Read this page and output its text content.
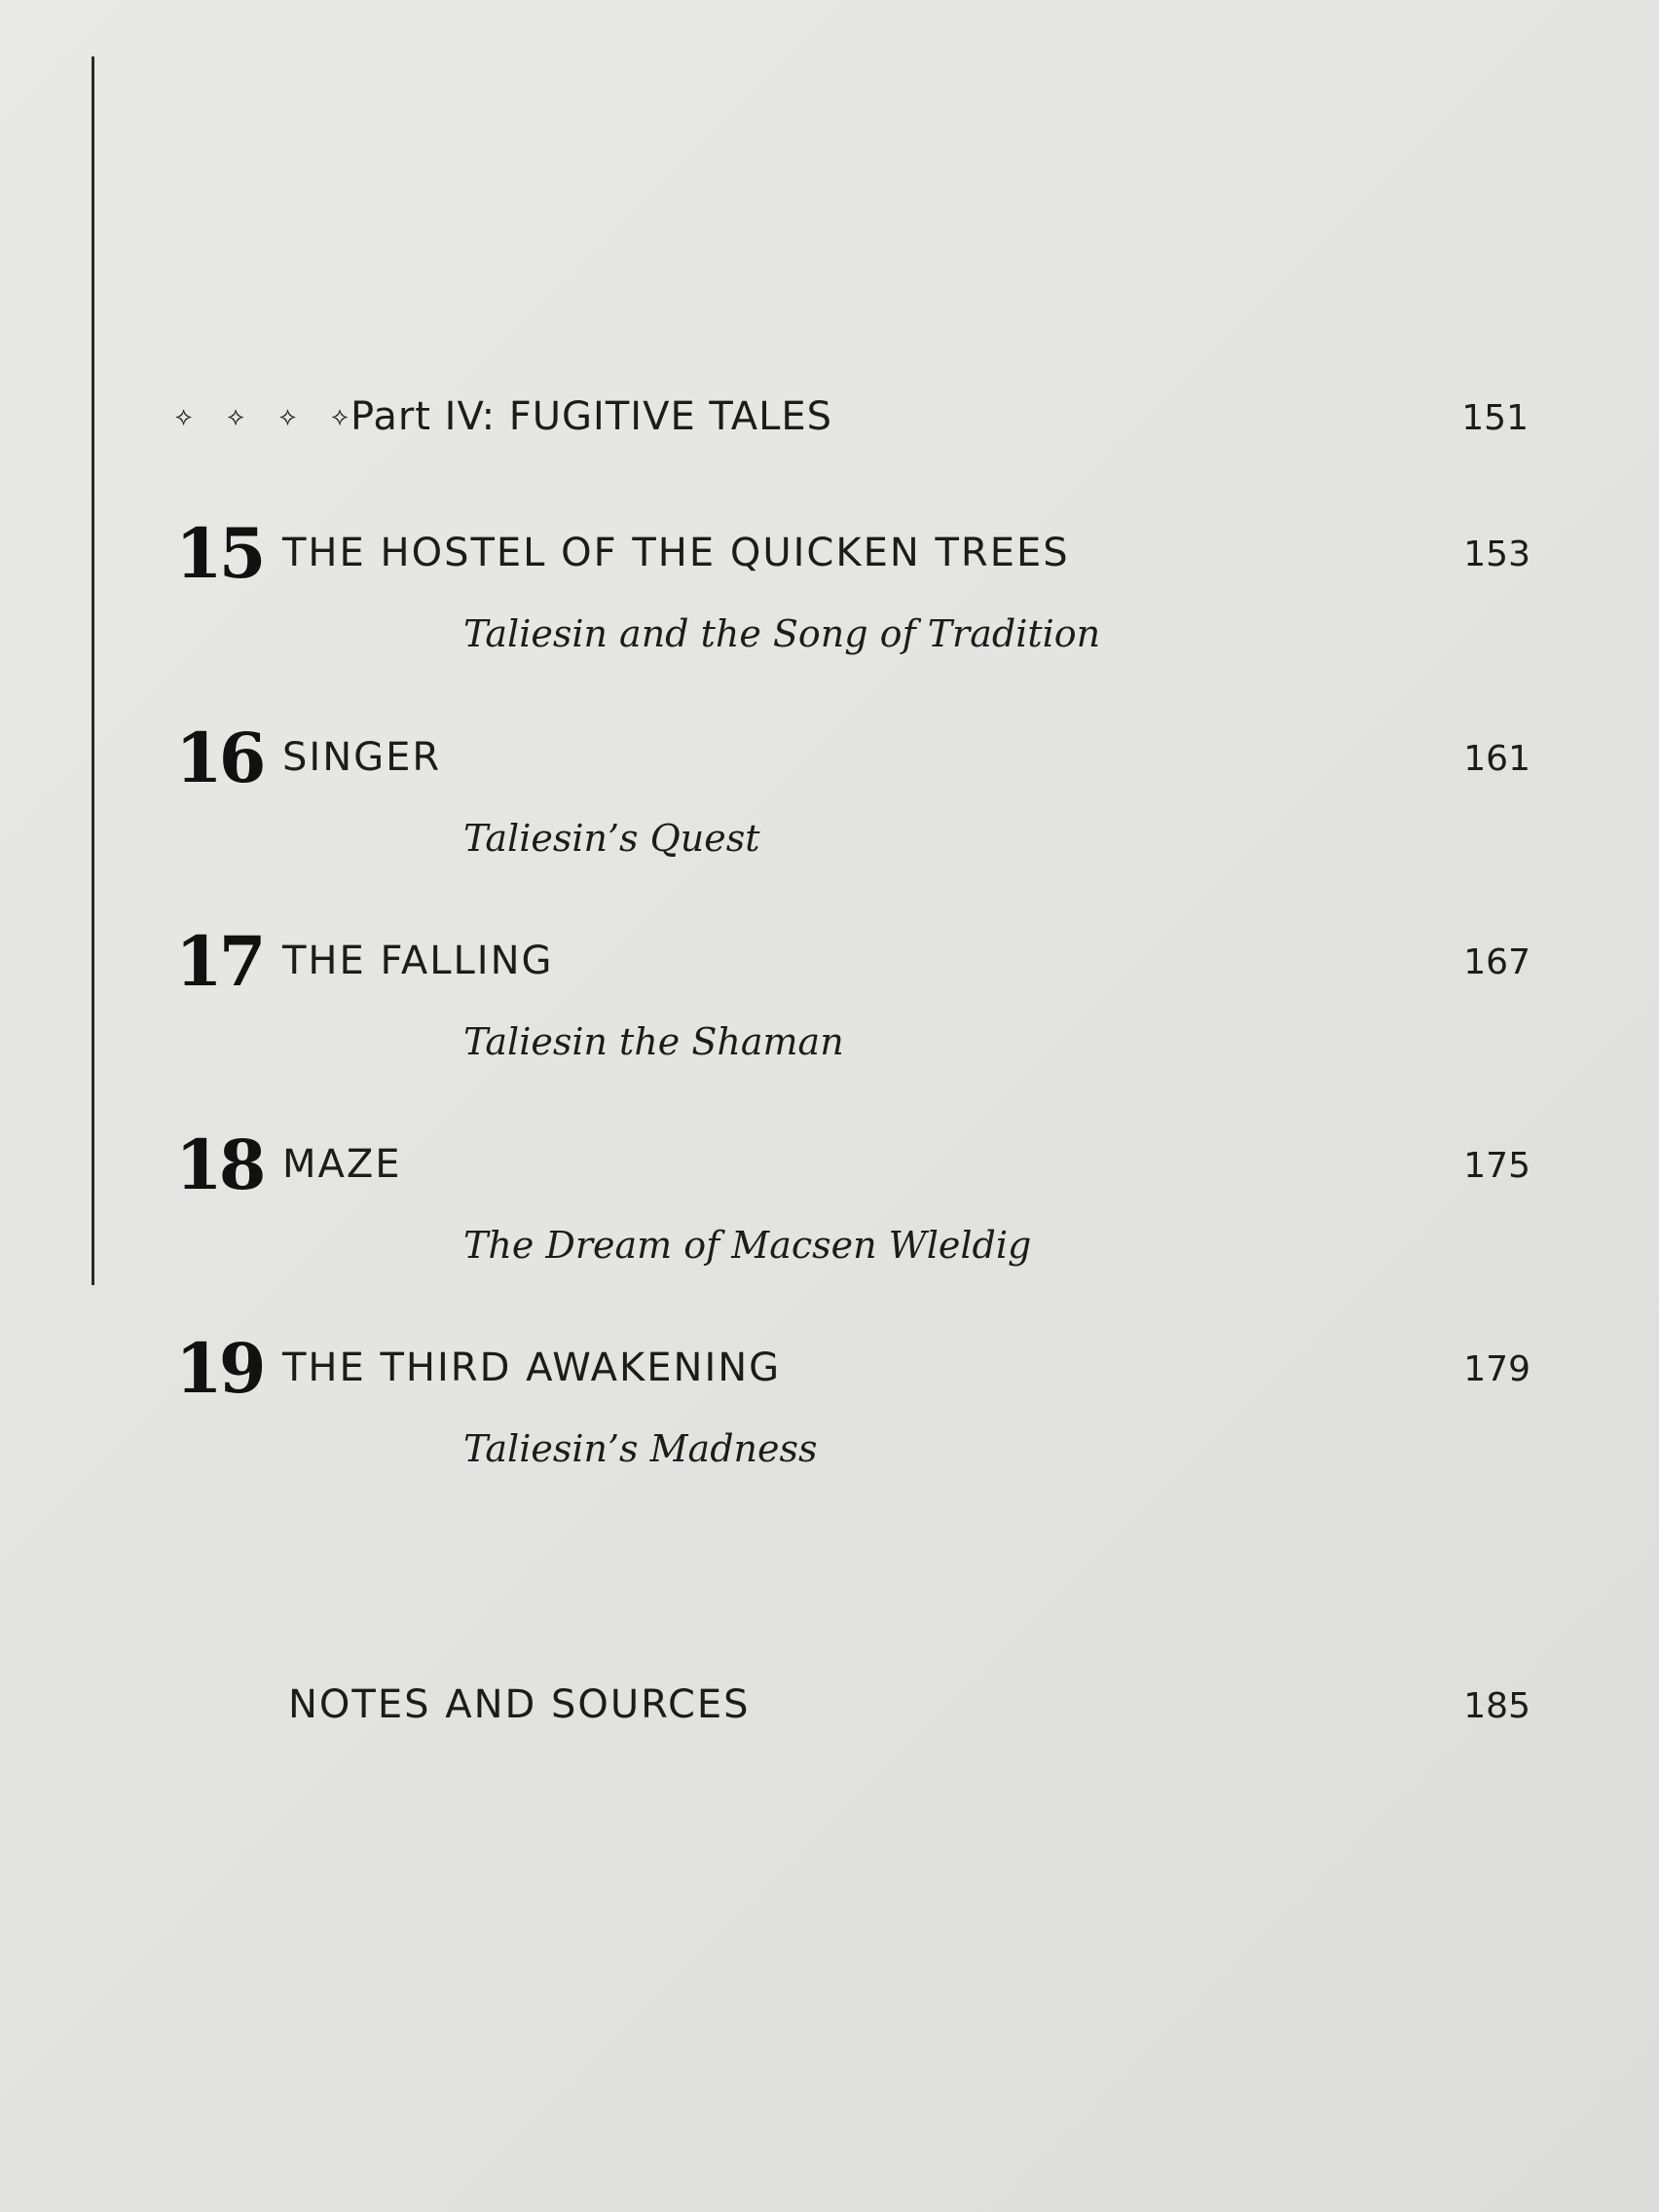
⟡ ⟡ ⟡ ⟡
Part IV: FUGITIVE TALES	151
15 THE HOSTEL OF THE QUICKEN TREES	153
Taliesin and the Song of Tradition
16 SINGER	161
Taliesin’s Quest
17 THE FALLING	167
Taliesin the Shaman
18 MAZE	175
The Dream of Macsen Wleldig
19 THE THIRD AWAKENING	179
Taliesin’s Madness
NOTES AND SOURCES	185
